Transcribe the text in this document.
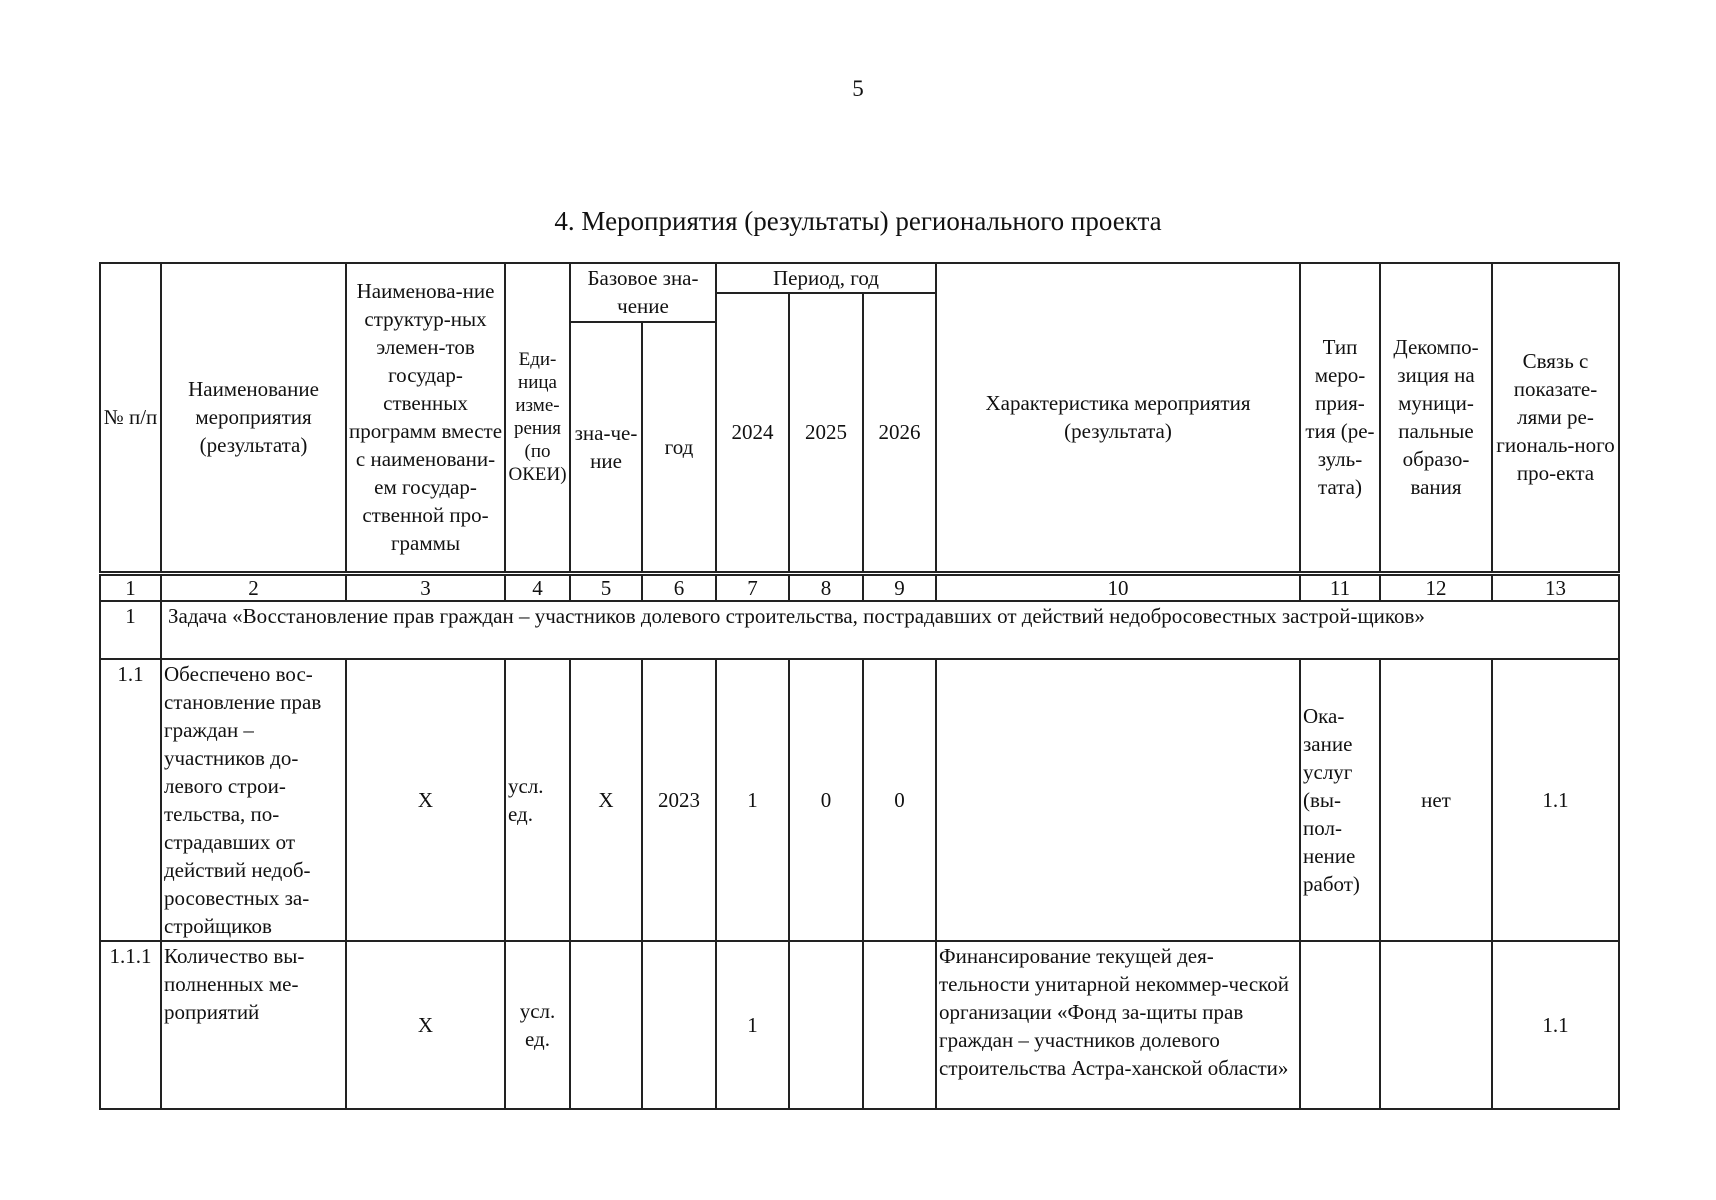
5
4. Мероприятия (результаты) регионального проекта
№ п/п	Наименование мероприятия (результата)	Наименова-ние структур-ных элемен-тов государ-ственных программ вместе с наименовани-ем государ-ственной про-граммы	Еди-ница изме-рения (по ОКЕИ)	Базовое зна-чение		Период, год			Характеристика мероприятия (результата)	Тип меро-прия-тия (ре-зуль-тата)	Декомпо-зиция на муници-пальные образо-вания	Связь с показате-лями ре-гиональ-ного про-екта
						2024	2025	2026				
				зна-че-ние	год							
1	2	3	4	5	6	7	8	9	10	11	12	13
1	Задача «Восстановление прав граждан – участников долевого строительства, пострадавших от действий недобросовестных застрой-щиков»											
1.1	Обеспечено вос-становление прав граждан – участников до-левого строи-тельства, по-страдавших от действий недоб-росовестных за-стройщиков	X	усл. ед.	X	2023	1	0	0		Ока-зание услуг (вы-пол-нение работ)	нет	1.1
1.1.1	Количество вы-полненных ме-роприятий	X	усл. ед.			1			Финансирование текущей дея-тельности унитарной некоммер-ческой организации «Фонд за-щиты прав граждан – участников долевого строительства Астра-ханской области»			1.1
